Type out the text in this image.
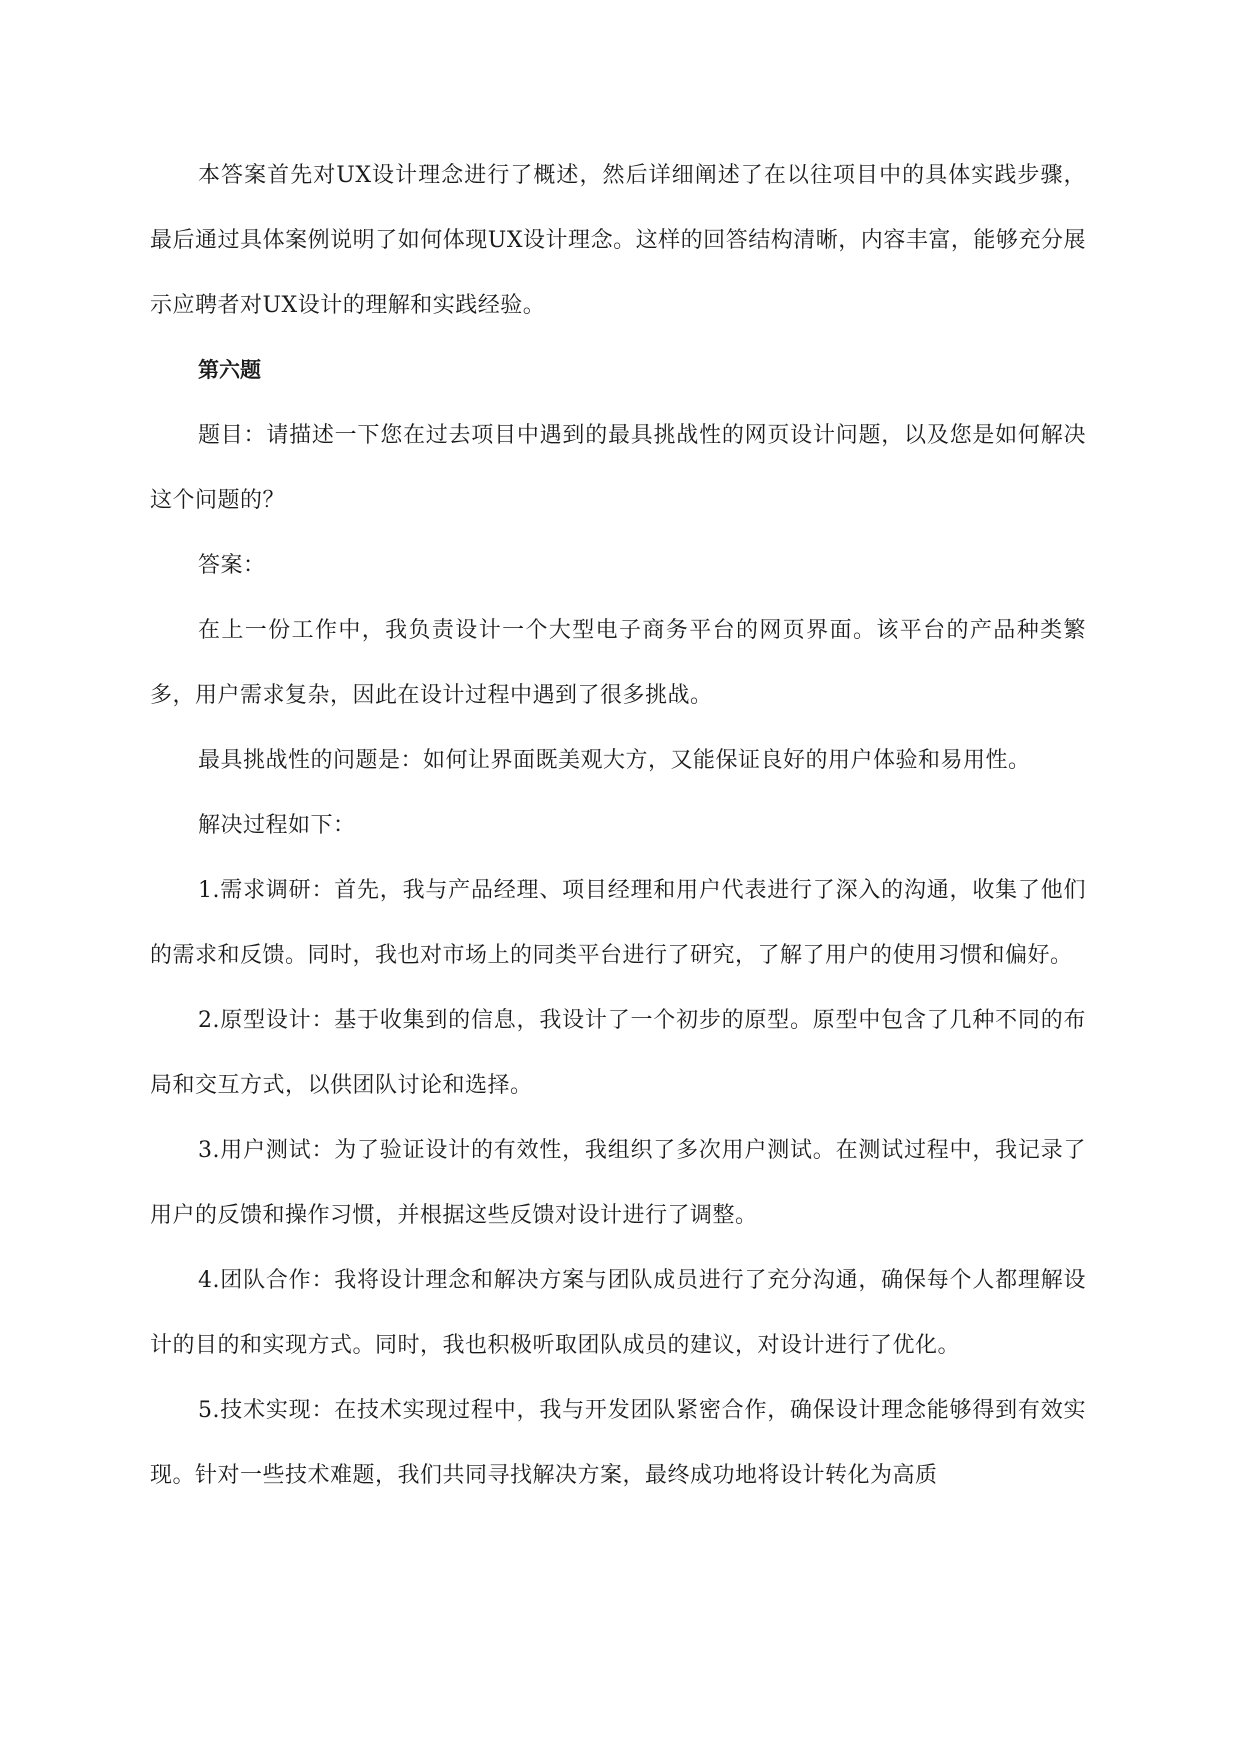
本答案首先对UX设计理念进行了概述，然后详细阐述了在以往项目中的具体实践步骤，最后通过具体案例说明了如何体现UX设计理念。这样的回答结构清晰，内容丰富，能够充分展示应聘者对UX设计的理解和实践经验。

第六题

题目：请描述一下您在过去项目中遇到的最具挑战性的网页设计问题，以及您是如何解决这个问题的？

答案：

在上一份工作中，我负责设计一个大型电子商务平台的网页界面。该平台的产品种类繁多，用户需求复杂，因此在设计过程中遇到了很多挑战。

最具挑战性的问题是：如何让界面既美观大方，又能保证良好的用户体验和易用性。

解决过程如下：

1.需求调研：首先，我与产品经理、项目经理和用户代表进行了深入的沟通，收集了他们的需求和反馈。同时，我也对市场上的同类平台进行了研究，了解了用户的使用习惯和偏好。

2.原型设计：基于收集到的信息，我设计了一个初步的原型。原型中包含了几种不同的布局和交互方式，以供团队讨论和选择。

3.用户测试：为了验证设计的有效性，我组织了多次用户测试。在测试过程中，我记录了用户的反馈和操作习惯，并根据这些反馈对设计进行了调整。

4.团队合作：我将设计理念和解决方案与团队成员进行了充分沟通，确保每个人都理解设计的目的和实现方式。同时，我也积极听取团队成员的建议，对设计进行了优化。

5.技术实现：在技术实现过程中，我与开发团队紧密合作，确保设计理念能够得到有效实现。针对一些技术难题，我们共同寻找解决方案，最终成功地将设计转化为高质
